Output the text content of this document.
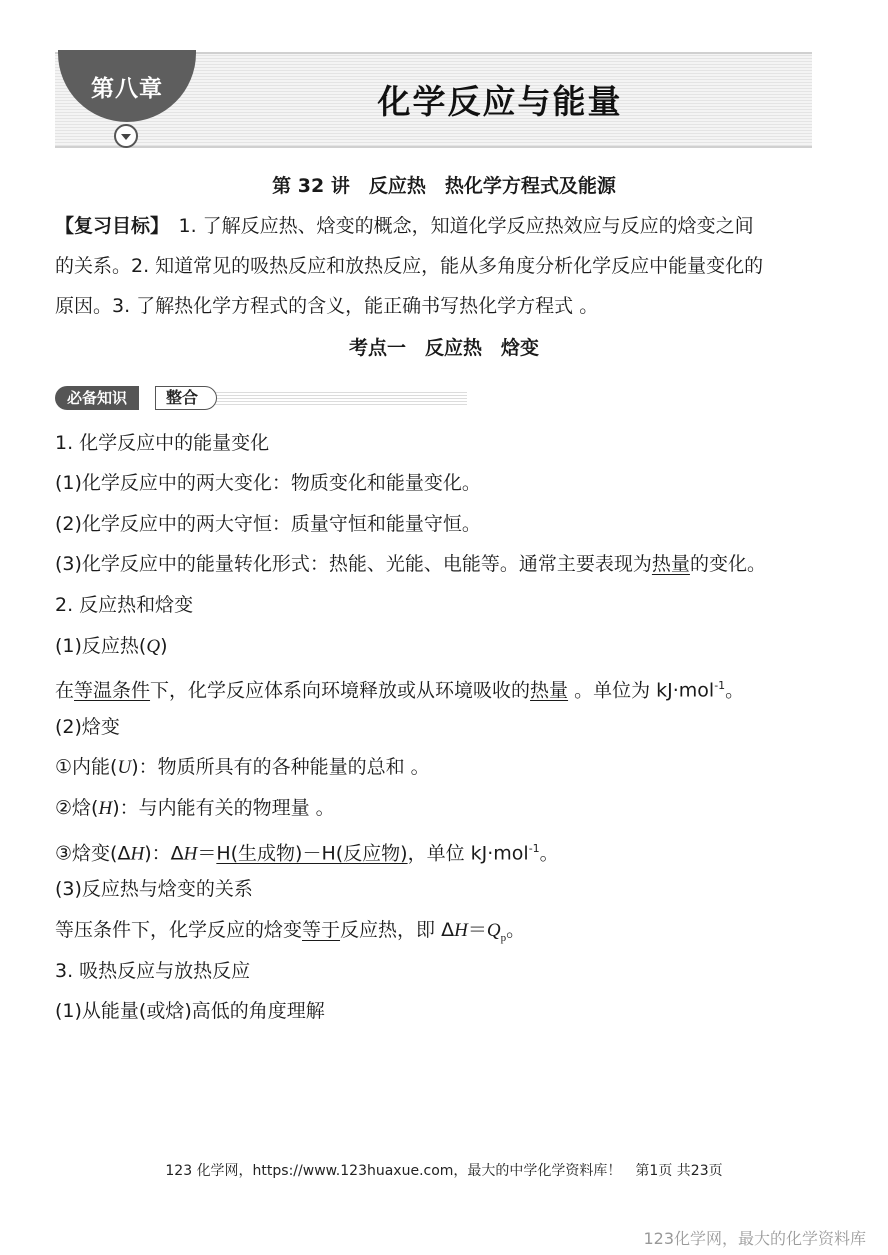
第八章	化学反应与能量
第 32 讲　反应热　热化学方程式及能源
【复习目标】　1. 了解反应热、焓变的概念，知道化学反应热效应与反应的焓变之间
的关系。2. 知道常见的吸热反应和放热反应，能从多角度分析化学反应中能量变化的
原因。3. 了解热化学方程式的含义，能正确书写热化学方程式 。
考点一　反应热　焓变
必备知识	整合
1. 化学反应中的能量变化
(1)化学反应中的两大变化：物质变化和能量变化。
(2)化学反应中的两大守恒：质量守恒和能量守恒。
(3)化学反应中的能量转化形式：热能、光能、电能等。通常主要表现为热量的变化。
2. 反应热和焓变
(1)反应热(Q)
在等温条件下，化学反应体系向环境释放或从环境吸收的热量 。单位为 kJ·mol$^{-1}$。
(2)焓变
①内能(U)：物质所具有的各种能量的总和 。
②焓(H)：与内能有关的物理量 。
③焓变(ΔH)：ΔH＝H(生成物)－H(反应物)，单位 kJ·mol$^{-1}$。
(3)反应热与焓变的关系
等压条件下，化学反应的焓变等于反应热，即 $\Delta H=Q_p$。
3. 吸热反应与放热反应
(1)从能量(或焓)高低的角度理解
123 化学网，https://www.123huaxue.com，最大的中学化学资料库！　第1页 共23页
123化学网，最大的化学资料库
